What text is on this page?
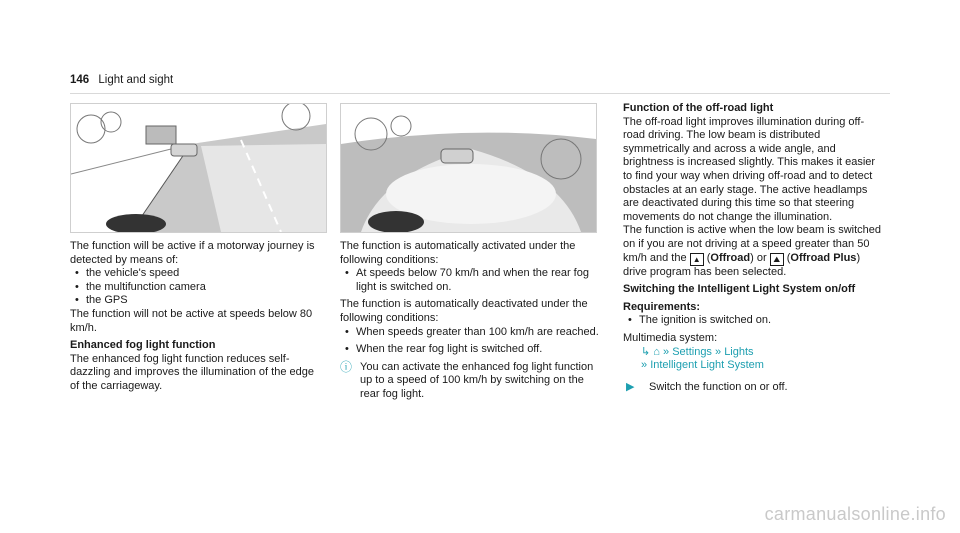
146 Light and sight

The function will be active if a motorway journey is detected by means of:

• the vehicle's speed
• the multifunction camera
• the GPS

The function will not be active at speeds below 80 km/h.

Enhanced fog light function

The enhanced fog light function reduces self-dazzling and improves the illumination of the edge of the carriageway.

The function is automatically activated under the following conditions:

• At speeds below 70 km/h and when the rear fog light is switched on.

The function is automatically deactivated under the following conditions:

• When speeds greater than 100 km/h are reached.
• When the rear fog light is switched off.
ⓘ You can activate the enhanced fog light function up to a speed of 100 km/h by switching on the rear fog light.
Function of the off-road light

The off-road light improves illumination during off-road driving. The low beam is distributed symmetrically and across a wide angle, and brightness is increased slightly. This makes it easier to find your way when driving off-road and to detect obstacles at an early stage. The active headlamps are deactivated during this time so that steering movements do not change the illumination.

The function is active when the low beam is switched on if you are not driving at a speed greater than 50 km/h and the ▲ (Offroad) or ⛰ (Offroad Plus) drive program has been selected.

Switching the Intelligent Light System on/off

Requirements:

• The ignition is switched on.

Multimedia system:

↳ ⌂ » Settings » Lights

» Intelligent Light System

▶ Switch the function on or off.
carmanualsonline.info
